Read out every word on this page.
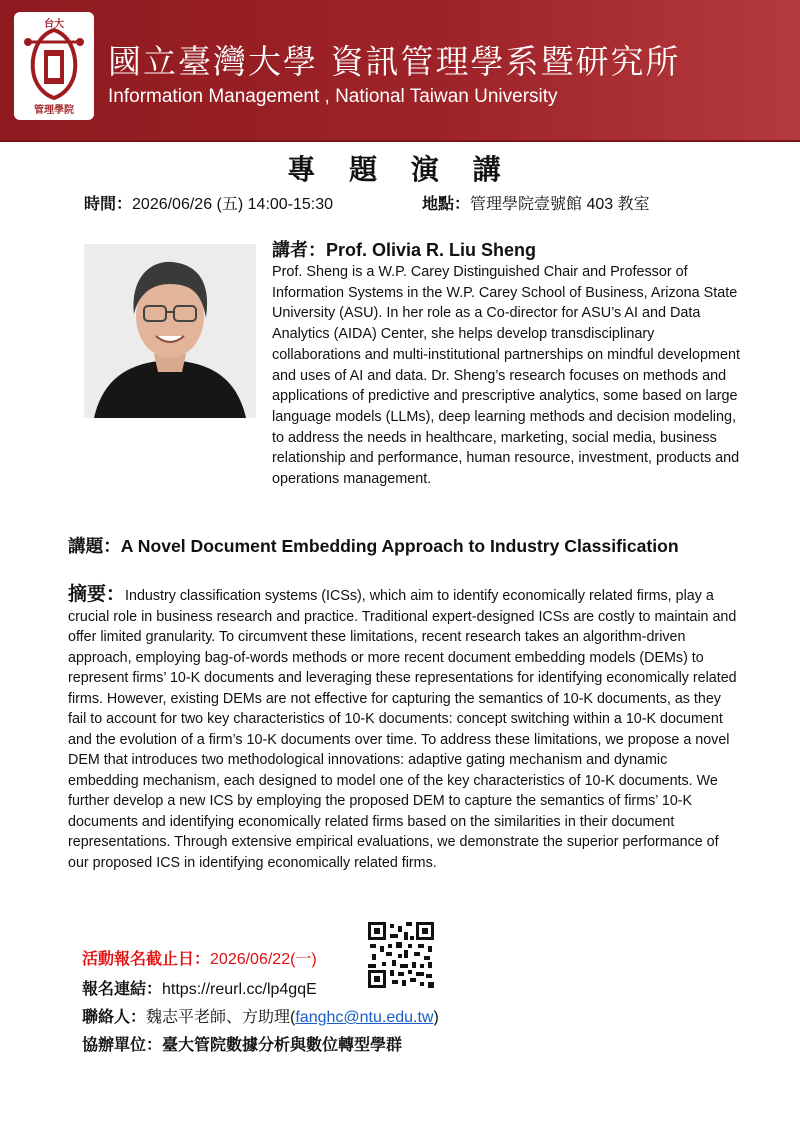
台大
管理學院
國立臺灣大學 資訊管理學系暨研究所
Information Management , National Taiwan University
專 題 演 講
時間：2026/06/26 (五) 14:00-15:30	地點：管理學院壹號館 403 教室
講者：Prof. Olivia R. Liu Sheng
Prof. Sheng is a W.P. Carey Distinguished Chair and Professor of Information Systems in the W.P. Carey School of Business, Arizona State University (ASU). In her role as a Co-director for ASU’s AI and Data Analytics (AIDA) Center, she helps develop transdisciplinary collaborations and multi-institutional partnerships on mindful development and uses of AI and data. Dr. Sheng’s research focuses on methods and applications of predictive and prescriptive analytics, some based on large language models (LLMs), deep learning methods and decision modeling, to address the needs in healthcare, marketing, social media, business relationship and performance, human resource, investment, products and operations management.
講題：A Novel Document Embedding Approach to Industry Classification
摘要：Industry classification systems (ICSs), which aim to identify economically related firms, play a crucial role in business research and practice. Traditional expert-designed ICSs are costly to maintain and offer limited granularity. To circumvent these limitations, recent research takes an algorithm-driven approach, employing bag-of-words methods or more recent document embedding models (DEMs) to represent firms’ 10-K documents and leveraging these representations for identifying economically related firms. However, existing DEMs are not effective for capturing the semantics of 10-K documents, as they fail to account for two key characteristics of 10-K documents: concept switching within a 10-K document and the evolution of a firm’s 10-K documents over time. To address these limitations, we propose a novel DEM that introduces two methodological innovations: adaptive gating mechanism and dynamic embedding mechanism, each designed to model one of the key characteristics of 10-K documents. We further develop a new ICS by employing the proposed DEM to capture the semantics of firms’ 10-K documents and identifying economically related firms based on the similarities in their document representations. Through extensive empirical evaluations, we demonstrate the superior performance of our proposed ICS in identifying economically related firms.
活動報名截止日：2026/06/22(一)
報名連結：https://reurl.cc/lp4gqE
聯絡人：魏志平老師、方助理(fanghc@ntu.edu.tw)
協辦單位：臺大管院數據分析與數位轉型學群
